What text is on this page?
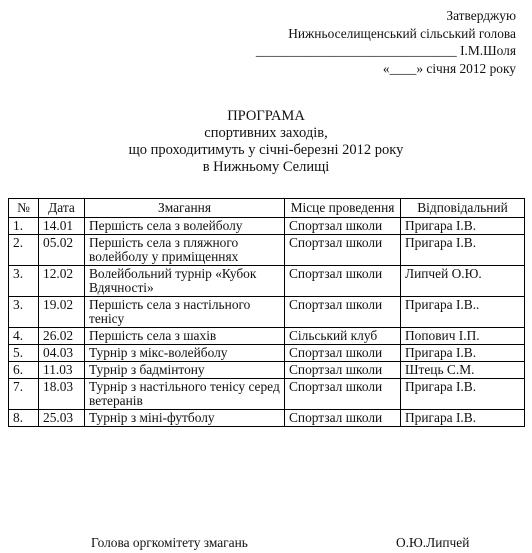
Затверджую
Нижньоселищенський сільський голова
______________________________ І.М.Шоля
«____» січня 2012 року
ПРОГРАМА
спортивних заходів,
що проходитимуть у січні-березні 2012 року
в Нижньому Селищі
№	Дата	Змагання	Місце проведення	Відповідальний
1.	14.01	Першість села з волейболу	Спортзал школи	Пригара І.В.
2.	05.02	Першість села з пляжного волейболу у приміщеннях	Спортзал школи	Пригара І.В.
3.	12.02	Волейбольний турнір «Кубок Вдячності»	Спортзал школи	Липчей О.Ю.
3.	19.02	Першість села з настільного тенісу	Спортзал школи	Пригара І.В..
4.	26.02	Першість села з шахів	Сільський клуб	Попович І.П.
5.	04.03	Турнір з мікс-волейболу	Спортзал школи	Пригара І.В.
6.	11.03	Турнір з бадмінтону	Спортзал школи	Штець С.М.
7.	18.03	Турнір з настільного тенісу серед ветеранів	Спортзал школи	Пригара І.В.
8.	25.03	Турнір з міні-футболу	Спортзал школи	Пригара І.В.
Голова оргкомітету змагань	О.Ю.Липчей
